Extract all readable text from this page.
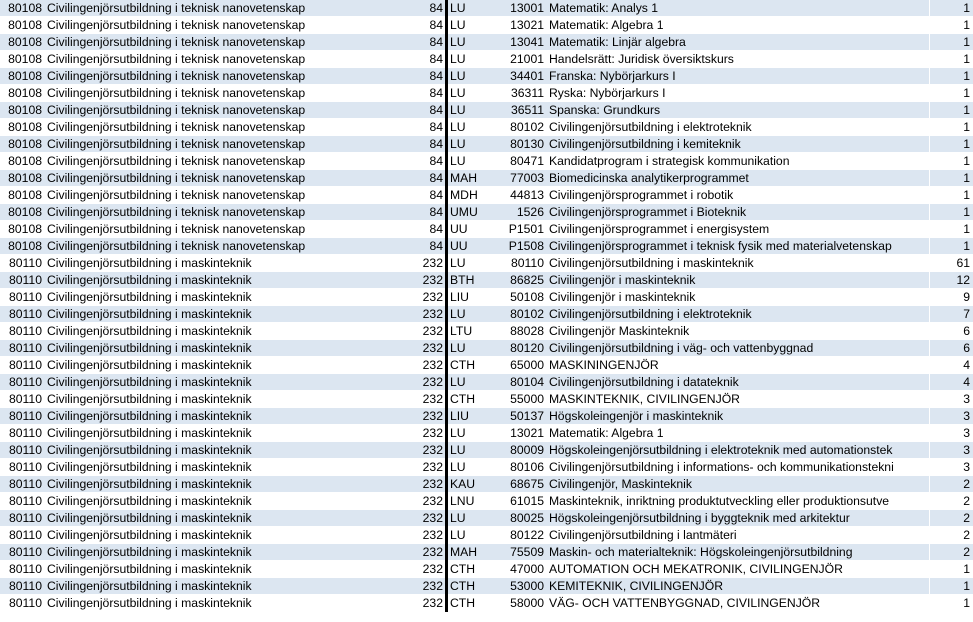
80108	Civilingenjörsutbildning i teknisk nanovetenskap	84	LU	13001	Matematik: Analys 1	1
80108	Civilingenjörsutbildning i teknisk nanovetenskap	84	LU	13021	Matematik: Algebra 1	1
80108	Civilingenjörsutbildning i teknisk nanovetenskap	84	LU	13041	Matematik: Linjär algebra	1
80108	Civilingenjörsutbildning i teknisk nanovetenskap	84	LU	21001	Handelsrätt: Juridisk översiktskurs	1
80108	Civilingenjörsutbildning i teknisk nanovetenskap	84	LU	34401	Franska: Nybörjarkurs I	1
80108	Civilingenjörsutbildning i teknisk nanovetenskap	84	LU	36311	Ryska: Nybörjarkurs I	1
80108	Civilingenjörsutbildning i teknisk nanovetenskap	84	LU	36511	Spanska: Grundkurs	1
80108	Civilingenjörsutbildning i teknisk nanovetenskap	84	LU	80102	Civilingenjörsutbildning i elektroteknik	1
80108	Civilingenjörsutbildning i teknisk nanovetenskap	84	LU	80130	Civilingenjörsutbildning i kemiteknik	1
80108	Civilingenjörsutbildning i teknisk nanovetenskap	84	LU	80471	Kandidatprogram i strategisk kommunikation	1
80108	Civilingenjörsutbildning i teknisk nanovetenskap	84	MAH	77003	Biomedicinska analytikerprogrammet	1
80108	Civilingenjörsutbildning i teknisk nanovetenskap	84	MDH	44813	Civilingenjörsprogrammet i robotik	1
80108	Civilingenjörsutbildning i teknisk nanovetenskap	84	UMU	1526	Civilingenjörsprogrammet i Bioteknik	1
80108	Civilingenjörsutbildning i teknisk nanovetenskap	84	UU	P1501	Civilingenjörsprogrammet i energisystem	1
80108	Civilingenjörsutbildning i teknisk nanovetenskap	84	UU	P1508	Civilingenjörsprogrammet i teknisk fysik med materialvetenskap	1
80110	Civilingenjörsutbildning i maskinteknik	232	LU	80110	Civilingenjörsutbildning i maskinteknik	61
80110	Civilingenjörsutbildning i maskinteknik	232	BTH	86825	Civilingenjör i maskinteknik	12
80110	Civilingenjörsutbildning i maskinteknik	232	LIU	50108	Civilingenjör i maskinteknik	9
80110	Civilingenjörsutbildning i maskinteknik	232	LU	80102	Civilingenjörsutbildning i elektroteknik	7
80110	Civilingenjörsutbildning i maskinteknik	232	LTU	88028	Civilingenjör Maskinteknik	6
80110	Civilingenjörsutbildning i maskinteknik	232	LU	80120	Civilingenjörsutbildning i väg- och vattenbyggnad	6
80110	Civilingenjörsutbildning i maskinteknik	232	CTH	65000	MASKININGENJÖR	4
80110	Civilingenjörsutbildning i maskinteknik	232	LU	80104	Civilingenjörsutbildning i datateknik	4
80110	Civilingenjörsutbildning i maskinteknik	232	CTH	55000	MASKINTEKNIK, CIVILINGENJÖR	3
80110	Civilingenjörsutbildning i maskinteknik	232	LIU	50137	Högskoleingenjör i maskinteknik	3
80110	Civilingenjörsutbildning i maskinteknik	232	LU	13021	Matematik: Algebra 1	3
80110	Civilingenjörsutbildning i maskinteknik	232	LU	80009	Högskoleingenjörsutbildning i elektroteknik med automationstek	3
80110	Civilingenjörsutbildning i maskinteknik	232	LU	80106	Civilingenjörsutbildning i informations- och kommunikationstekni	3
80110	Civilingenjörsutbildning i maskinteknik	232	KAU	68675	Civilingenjör, Maskinteknik	2
80110	Civilingenjörsutbildning i maskinteknik	232	LNU	61015	Maskinteknik, inriktning produktutveckling eller produktionsutve	2
80110	Civilingenjörsutbildning i maskinteknik	232	LU	80025	Högskoleingenjörsutbildning i byggteknik med arkitektur	2
80110	Civilingenjörsutbildning i maskinteknik	232	LU	80122	Civilingenjörsutbildning i lantmäteri	2
80110	Civilingenjörsutbildning i maskinteknik	232	MAH	75509	Maskin- och materialteknik: Högskoleingenjörsutbildning	2
80110	Civilingenjörsutbildning i maskinteknik	232	CTH	47000	AUTOMATION OCH MEKATRONIK, CIVILINGENJÖR	1
80110	Civilingenjörsutbildning i maskinteknik	232	CTH	53000	KEMITEKNIK, CIVILINGENJÖR	1
80110	Civilingenjörsutbildning i maskinteknik	232	CTH	58000	VÄG- OCH VATTENBYGGNAD, CIVILINGENJÖR	1
